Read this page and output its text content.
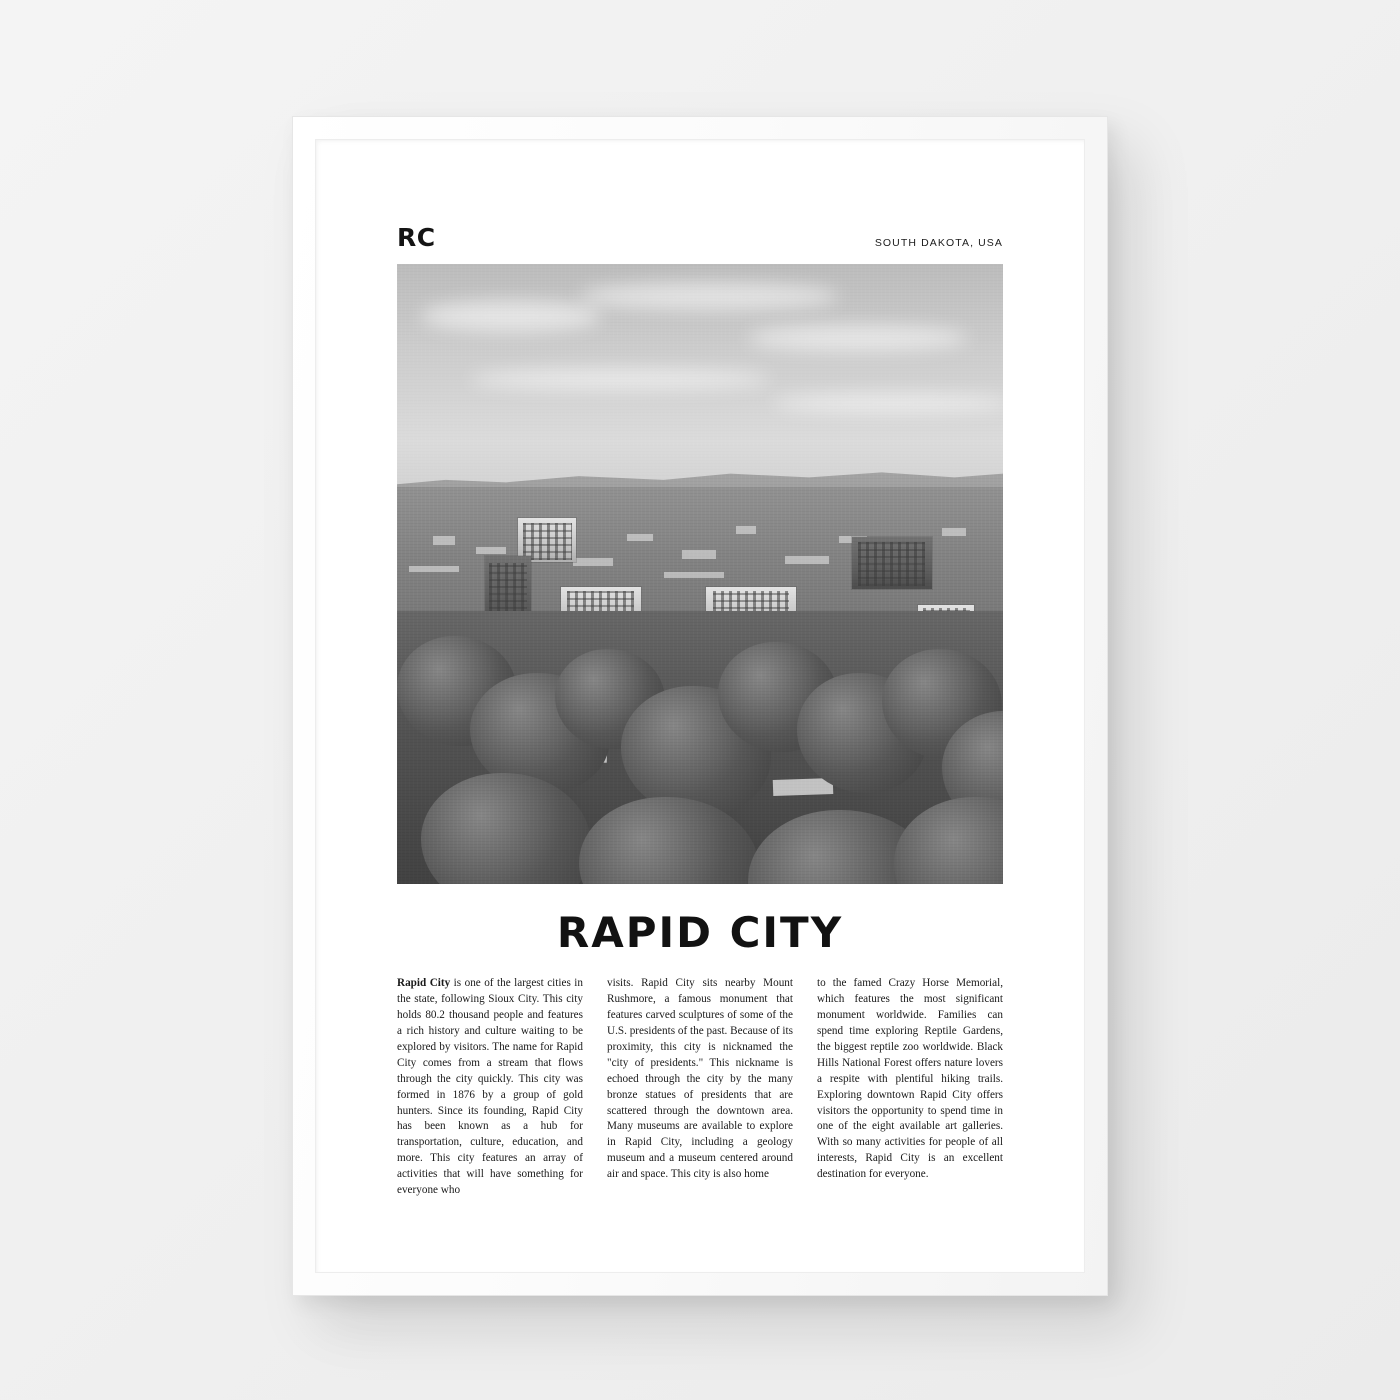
RC	SOUTH DAKOTA, USA
RAPID CITY
Rapid City is one of the largest cities in the state, following Sioux City. This city holds 80.2 thousand people and features a rich history and culture waiting to be explored by visitors. The name for Rapid City comes from a stream that flows through the city quickly. This city was formed in 1876 by a group of gold hunters. Since its founding, Rapid City has been known as a hub for transportation, culture, education, and more. This city features an array of activities that will have something for everyone who
visits. Rapid City sits nearby Mount Rushmore, a famous monument that features carved sculptures of some of the U.S. presidents of the past. Because of its proximity, this city is nicknamed the "city of presidents." This nickname is echoed through the city by the many bronze statues of presidents that are scattered through the downtown area. Many museums are available to explore in Rapid City, including a geology museum and a museum centered around air and space. This city is also home
to the famed Crazy Horse Memorial, which features the most significant monument worldwide. Families can spend time exploring Reptile Gardens, the biggest reptile zoo worldwide. Black Hills National Forest offers nature lovers a respite with plentiful hiking trails. Exploring downtown Rapid City offers visitors the opportunity to spend time in one of the eight available art galleries. With so many activities for people of all interests, Rapid City is an excellent destination for everyone.
